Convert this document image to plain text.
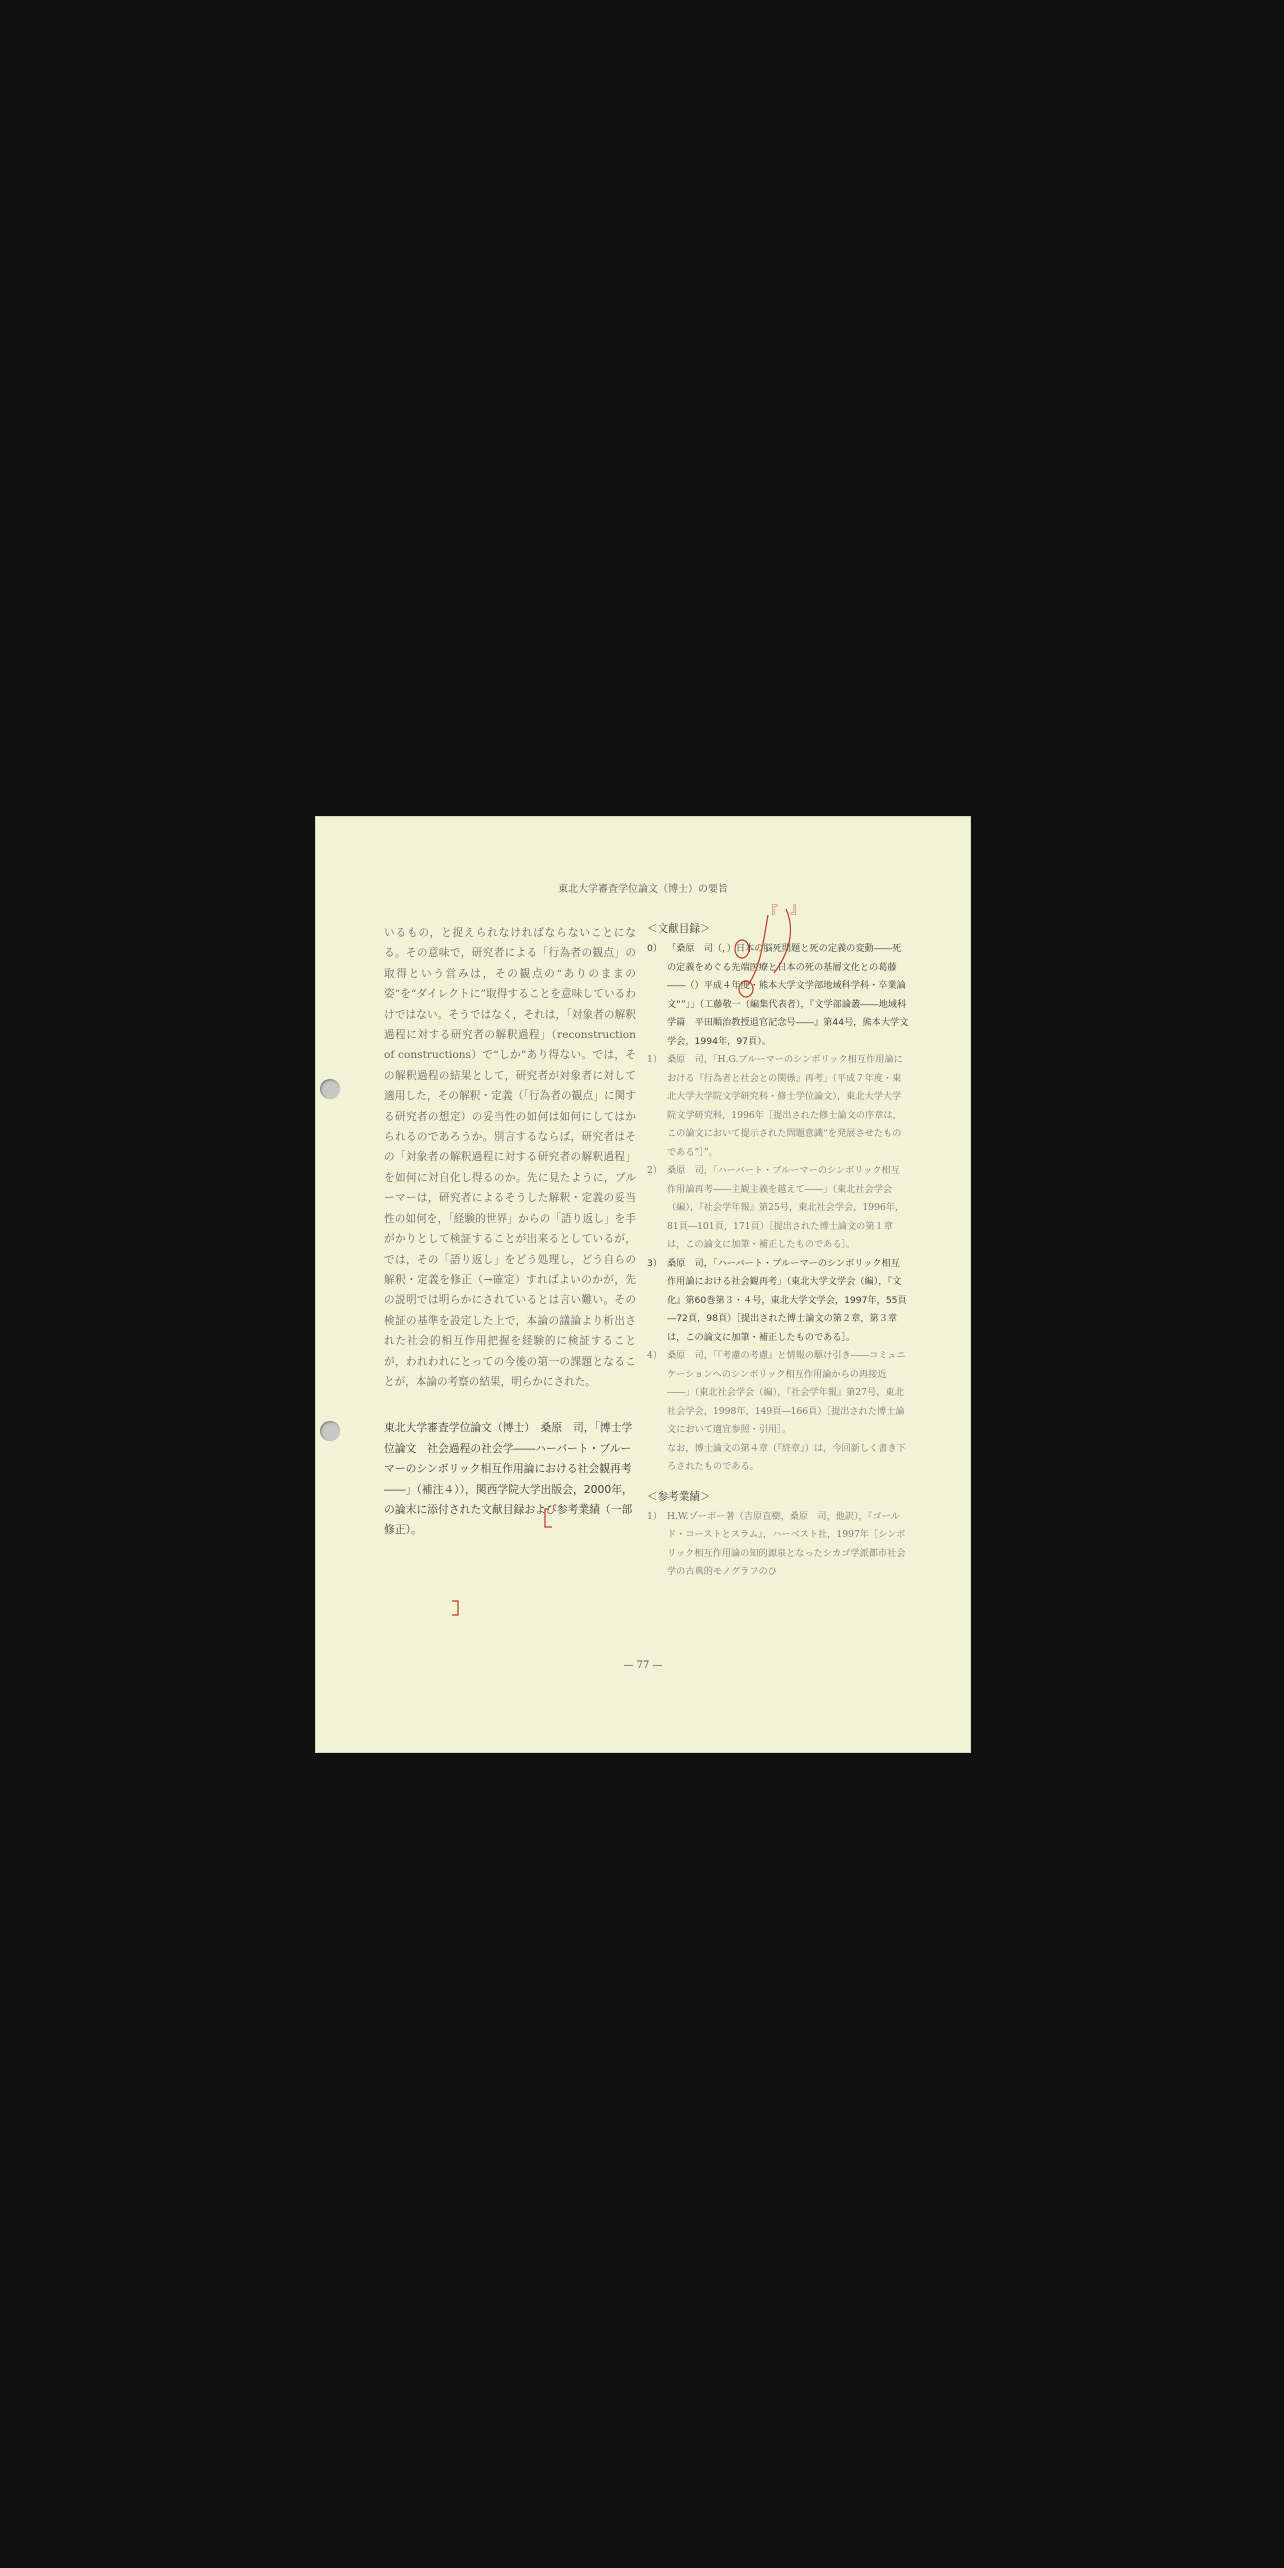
東北大学審査学位論文（博士）の要旨

いるもの，と捉えられなければならないことになる。その意味で，研究者による「行為者の観点」の取得という営みは，その観点の“ありのままの姿”を“ダイレクトに”取得することを意味しているわけではない。そうではなく，それは，「対象者の解釈過程に対する研究者の解釈過程」（reconstruction of constructions）で“しか”あり得ない。では，その解釈過程の結果として，研究者が対象者に対して適用した，その解釈・定義（「行為者の観点」に関する研究者の想定）の妥当性の如何は如何にしてはかられるのであろうか。別言するならば，研究者はその「対象者の解釈過程に対する研究者の解釈過程」を如何に対自化し得るのか。先に見たように，ブルーマーは，研究者によるそうした解釈・定義の妥当性の如何を，「経験的世界」からの「語り返し」を手がかりとして検証することが出来るとしているが，では，その「語り返し」をどう処理し，どう自らの解釈・定義を修正（→確定）すればよいのかが，先の説明では明らかにされているとは言い難い。その検証の基準を設定した上で，本論の議論より析出された社会的相互作用把握を経験的に検証することが，われわれにとっての今後の第一の課題となることが，本論の考察の結果，明らかにされた。

東北大学審査学位論文（博士）　桑原　司，「博士学位論文　社会過程の社会学――ハーバート・ブルーマーのシンボリック相互作用論における社会観再考――」（補注４）），関西学院大学出版会，2000年，の論末に添付された文献目録および参考業績（一部修正）。

＜文献目録＞
0） 「桑原　司（，）日本の脳死問題と死の定義の変動――死の定義をめぐる先端医療と日本の死の基層文化との葛藤――（）平成４年度・熊本大学文学部地域科学科・卒業論文“”」」（工藤敬一（編集代表者），『文学部論叢――地域科学篇　平田順治教授退官記念号――』第44号，熊本大学文学会，1994年，97頁）。
1） 桑原　司，「H.G.ブルーマーのシンボリック相互作用論における『行為者と社会との関係』再考」（平成７年度・東北大学大学院文学研究科・修士学位論文），東北大学大学院文学研究科，1996年［提出された修士論文の序章は，この論文において提示された問題意識“を発展させたものである”］”。
2） 桑原　司，「ハーバート・ブルーマーのシンボリック相互作用論再考――主観主義を越えて――」（東北社会学会（編），『社会学年報』第25号，東北社会学会，1996年，81頁―101頁，171頁）［提出された博士論文の第１章は，この論文に加筆・補正したものである］。
3） 桑原　司，「ハーバート・ブルーマーのシンボリック相互作用論における社会観再考」（東北大学文学会（編），『文化』第60巻第３・４号，東北大学文学会，1997年，55頁―72頁，98頁）［提出された博士論文の第２章，第３章は，この論文に加筆・補正したものである］。
4） 桑原　司，「『考慮の考慮』と情報の駆け引き――コミュニケーションへのシンボリック相互作用論からの再接近――」（東北社会学会（編），『社会学年報』第27号，東北社会学会，1998年，149頁―166頁）［提出された博士論文において適宜参照・引用］。

なお，博士論文の第４章（『終章』）は，今回新しく書き下ろされたものである。

＜参考業績＞
1） H.W.ゾーボー著（吉原直樹，桑原　司，他訳），『ゴールド・コーストとスラム』，ハーベスト社，1997年［シンボリック相互作用論の知的源泉となったシカゴ学派都市社会学の古典的モノグラフのひ
『 』
— 77 —
